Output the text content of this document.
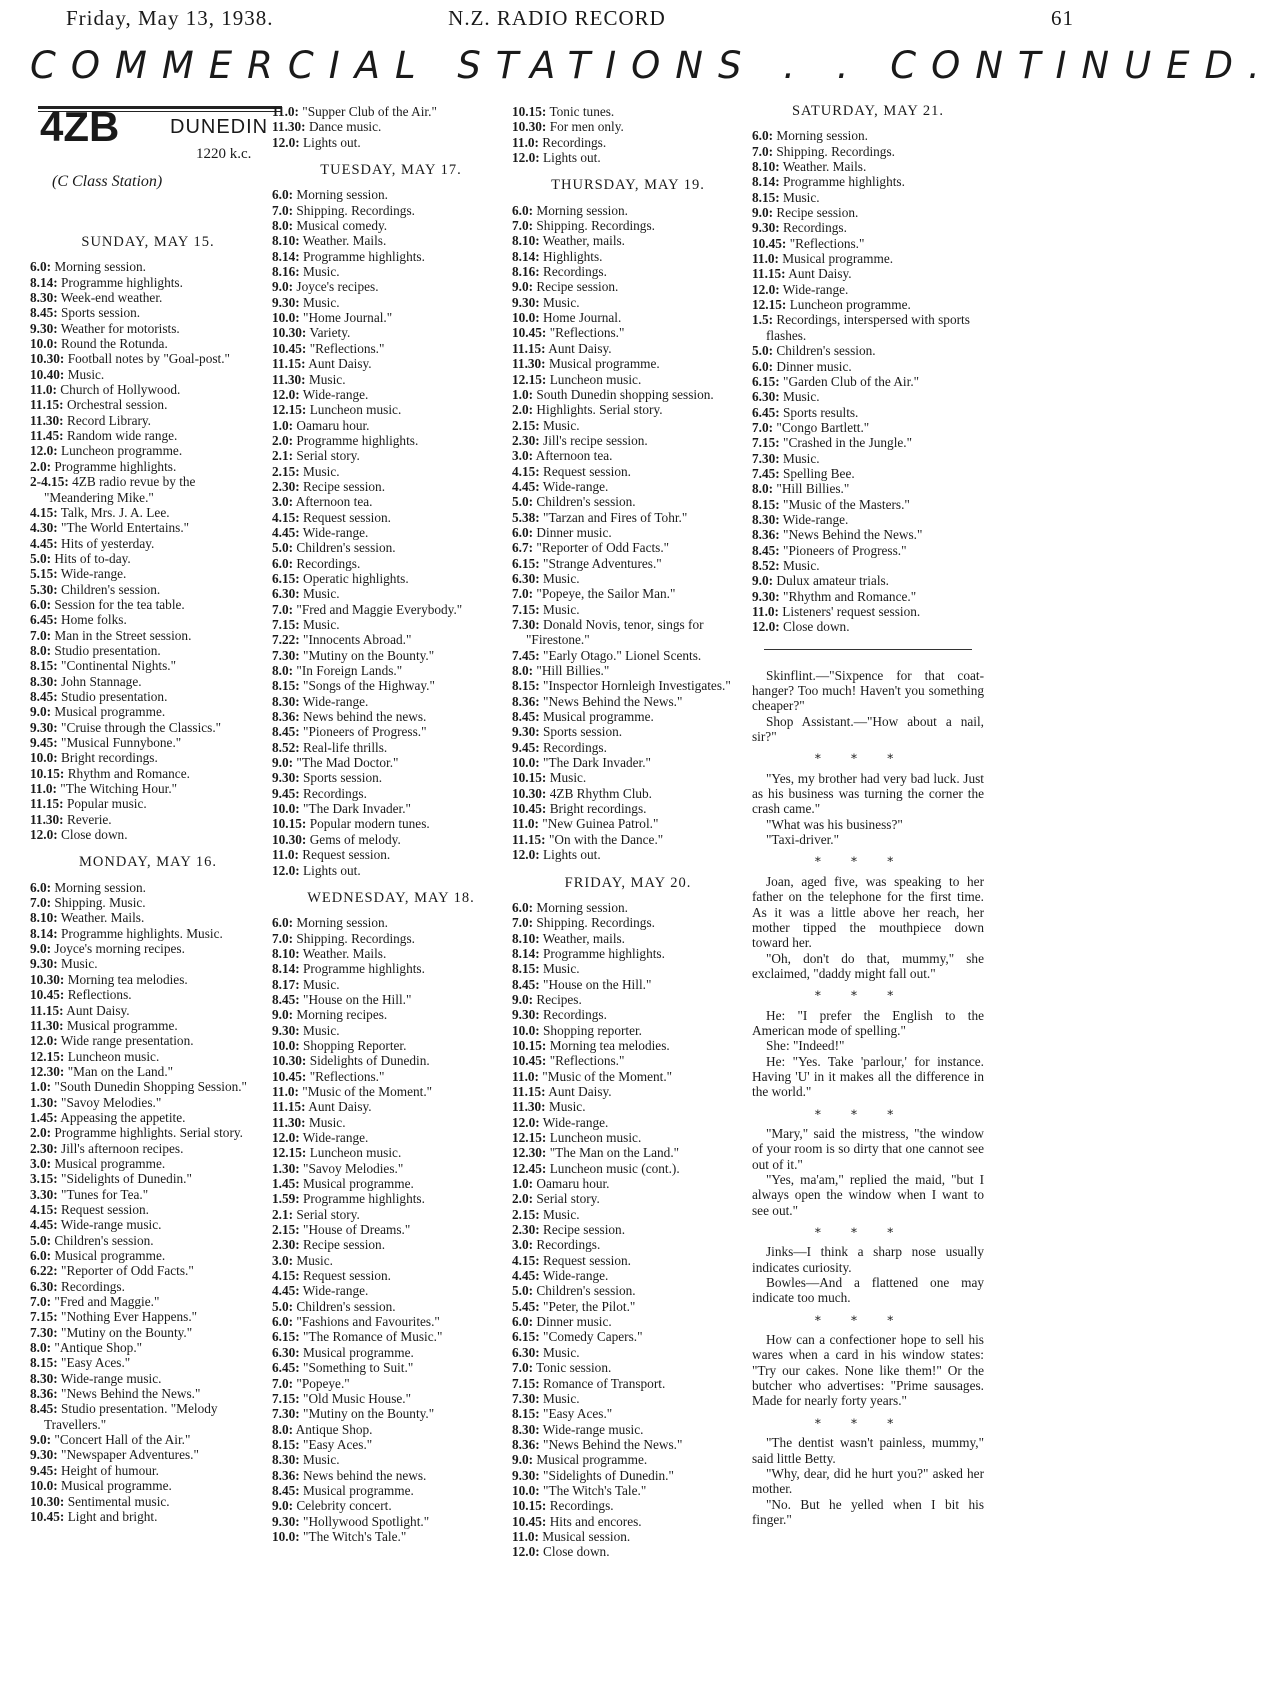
Friday, May 13, 1938.	N.Z. RADIO RECORD	61
COMMERCIAL STATIONS . . CONTINUED.
4ZB	DUNEDIN
1220 k.c.
(C Class Station)
SUNDAY, MAY 15.
6.0: Morning session.
8.14: Programme highlights.
8.30: Week-end weather.
8.45: Sports session.
9.30: Weather for motorists.
10.0: Round the Rotunda.
10.30: Football notes by "Goal-post."
10.40: Music.
11.0: Church of Hollywood.
11.15: Orchestral session.
11.30: Record Library.
11.45: Random wide range.
12.0: Luncheon programme.
2.0: Programme highlights.
2-4.15: 4ZB radio revue by the "Meandering Mike."
4.15: Talk, Mrs. J. A. Lee.
4.30: "The World Entertains."
4.45: Hits of yesterday.
5.0: Hits of to-day.
5.15: Wide-range.
5.30: Children's session.
6.0: Session for the tea table.
6.45: Home folks.
7.0: Man in the Street session.
8.0: Studio presentation.
8.15: "Continental Nights."
8.30: John Stannage.
8.45: Studio presentation.
9.0: Musical programme.
9.30: "Cruise through the Classics."
9.45: "Musical Funnybone."
10.0: Bright recordings.
10.15: Rhythm and Romance.
11.0: "The Witching Hour."
11.15: Popular music.
11.30: Reverie.
12.0: Close down.
MONDAY, MAY 16.
6.0: Morning session.
7.0: Shipping. Music.
8.10: Weather. Mails.
8.14: Programme highlights. Music.
9.0: Joyce's morning recipes.
9.30: Music.
10.30: Morning tea melodies.
10.45: Reflections.
11.15: Aunt Daisy.
11.30: Musical programme.
12.0: Wide range presentation.
12.15: Luncheon music.
12.30: "Man on the Land."
1.0: "South Dunedin Shopping Session."
1.30: "Savoy Melodies."
1.45: Appeasing the appetite.
2.0: Programme highlights. Serial story.
2.30: Jill's afternoon recipes.
3.0: Musical programme.
3.15: "Sidelights of Dunedin."
3.30: "Tunes for Tea."
4.15: Request session.
4.45: Wide-range music.
5.0: Children's session.
6.0: Musical programme.
6.22: "Reporter of Odd Facts."
6.30: Recordings.
7.0: "Fred and Maggie."
7.15: "Nothing Ever Happens."
7.30: "Mutiny on the Bounty."
8.0: "Antique Shop."
8.15: "Easy Aces."
8.30: Wide-range music.
8.36: "News Behind the News."
8.45: Studio presentation. "Melody Travellers."
9.0: "Concert Hall of the Air."
9.30: "Newspaper Adventures."
9.45: Height of humour.
10.0: Musical programme.
10.30: Sentimental music.
10.45: Light and bright.
11.0: "Supper Club of the Air."
11.30: Dance music.
12.0: Lights out.
TUESDAY, MAY 17.
6.0: Morning session.
7.0: Shipping. Recordings.
8.0: Musical comedy.
8.10: Weather. Mails.
8.14: Programme highlights.
8.16: Music.
9.0: Joyce's recipes.
9.30: Music.
10.0: "Home Journal."
10.30: Variety.
10.45: "Reflections."
11.15: Aunt Daisy.
11.30: Music.
12.0: Wide-range.
12.15: Luncheon music.
1.0: Oamaru hour.
2.0: Programme highlights.
2.1: Serial story.
2.15: Music.
2.30: Recipe session.
3.0: Afternoon tea.
4.15: Request session.
4.45: Wide-range.
5.0: Children's session.
6.0: Recordings.
6.15: Operatic highlights.
6.30: Music.
7.0: "Fred and Maggie Everybody."
7.15: Music.
7.22: "Innocents Abroad."
7.30: "Mutiny on the Bounty."
8.0: "In Foreign Lands."
8.15: "Songs of the Highway."
8.30: Wide-range.
8.36: News behind the news.
8.45: "Pioneers of Progress."
8.52: Real-life thrills.
9.0: "The Mad Doctor."
9.30: Sports session.
9.45: Recordings.
10.0: "The Dark Invader."
10.15: Popular modern tunes.
10.30: Gems of melody.
11.0: Request session.
12.0: Lights out.
WEDNESDAY, MAY 18.
6.0: Morning session.
7.0: Shipping. Recordings.
8.10: Weather. Mails.
8.14: Programme highlights.
8.17: Music.
8.45: "House on the Hill."
9.0: Morning recipes.
9.30: Music.
10.0: Shopping Reporter.
10.30: Sidelights of Dunedin.
10.45: "Reflections."
11.0: "Music of the Moment."
11.15: Aunt Daisy.
11.30: Music.
12.0: Wide-range.
12.15: Luncheon music.
1.30: "Savoy Melodies."
1.45: Musical programme.
1.59: Programme highlights.
2.1: Serial story.
2.15: "House of Dreams."
2.30: Recipe session.
3.0: Music.
4.15: Request session.
4.45: Wide-range.
5.0: Children's session.
6.0: "Fashions and Favourites."
6.15: "The Romance of Music."
6.30: Musical programme.
6.45: "Something to Suit."
7.0: "Popeye."
7.15: "Old Music House."
7.30: "Mutiny on the Bounty."
8.0: Antique Shop.
8.15: "Easy Aces."
8.30: Music.
8.36: News behind the news.
8.45: Musical programme.
9.0: Celebrity concert.
9.30: "Hollywood Spotlight."
10.0: "The Witch's Tale."
10.15: Tonic tunes.
10.30: For men only.
11.0: Recordings.
12.0: Lights out.
THURSDAY, MAY 19.
6.0: Morning session.
7.0: Shipping. Recordings.
8.10: Weather, mails.
8.14: Highlights.
8.16: Recordings.
9.0: Recipe session.
9.30: Music.
10.0: Home Journal.
10.45: "Reflections."
11.15: Aunt Daisy.
11.30: Musical programme.
12.15: Luncheon music.
1.0: South Dunedin shopping session.
2.0: Highlights. Serial story.
2.15: Music.
2.30: Jill's recipe session.
3.0: Afternoon tea.
4.15: Request session.
4.45: Wide-range.
5.0: Children's session.
5.38: "Tarzan and Fires of Tohr."
6.0: Dinner music.
6.7: "Reporter of Odd Facts."
6.15: "Strange Adventures."
6.30: Music.
7.0: "Popeye, the Sailor Man."
7.15: Music.
7.30: Donald Novis, tenor, sings for "Firestone."
7.45: "Early Otago." Lionel Scents.
8.0: "Hill Billies."
8.15: "Inspector Hornleigh Investigates."
8.36: "News Behind the News."
8.45: Musical programme.
9.30: Sports session.
9.45: Recordings.
10.0: "The Dark Invader."
10.15: Music.
10.30: 4ZB Rhythm Club.
10.45: Bright recordings.
11.0: "New Guinea Patrol."
11.15: "On with the Dance."
12.0: Lights out.
FRIDAY, MAY 20.
6.0: Morning session.
7.0: Shipping. Recordings.
8.10: Weather, mails.
8.14: Programme highlights.
8.15: Music.
8.45: "House on the Hill."
9.0: Recipes.
9.30: Recordings.
10.0: Shopping reporter.
10.15: Morning tea melodies.
10.45: "Reflections."
11.0: "Music of the Moment."
11.15: Aunt Daisy.
11.30: Music.
12.0: Wide-range.
12.15: Luncheon music.
12.30: "The Man on the Land."
12.45: Luncheon music (cont.).
1.0: Oamaru hour.
2.0: Serial story.
2.15: Music.
2.30: Recipe session.
3.0: Recordings.
4.15: Request session.
4.45: Wide-range.
5.0: Children's session.
5.45: "Peter, the Pilot."
6.0: Dinner music.
6.15: "Comedy Capers."
6.30: Music.
7.0: Tonic session.
7.15: Romance of Transport.
7.30: Music.
8.15: "Easy Aces."
8.30: Wide-range music.
8.36: "News Behind the News."
9.0: Musical programme.
9.30: "Sidelights of Dunedin."
10.0: "The Witch's Tale."
10.15: Recordings.
10.45: Hits and encores.
11.0: Musical session.
12.0: Close down.
SATURDAY, MAY 21.
6.0: Morning session.
7.0: Shipping. Recordings.
8.10: Weather. Mails.
8.14: Programme highlights.
8.15: Music.
9.0: Recipe session.
9.30: Recordings.
10.45: "Reflections."
11.0: Musical programme.
11.15: Aunt Daisy.
12.0: Wide-range.
12.15: Luncheon programme.
1.5: Recordings, interspersed with sports flashes.
5.0: Children's session.
6.0: Dinner music.
6.15: "Garden Club of the Air."
6.30: Music.
6.45: Sports results.
7.0: "Congo Bartlett."
7.15: "Crashed in the Jungle."
7.30: Music.
7.45: Spelling Bee.
8.0: "Hill Billies."
8.15: "Music of the Masters."
8.30: Wide-range.
8.36: "News Behind the News."
8.45: "Pioneers of Progress."
8.52: Music.
9.0: Dulux amateur trials.
9.30: "Rhythm and Romance."
11.0: Listeners' request session.
12.0: Close down.

Skinflint.—"Sixpence for that coat-hanger? Too much! Haven't you something cheaper?"

Shop Assistant.—"How about a nail, sir?"

∗∗∗

"Yes, my brother had very bad luck. Just as his business was turning the corner the crash came."

"What was his business?"

"Taxi-driver."

∗∗∗

Joan, aged five, was speaking to her father on the telephone for the first time. As it was a little above her reach, her mother tipped the mouthpiece down toward her.

"Oh, don't do that, mummy," she exclaimed, "daddy might fall out."

∗∗∗

He: "I prefer the English to the American mode of spelling."

She: "Indeed!"

He: "Yes. Take 'parlour,' for instance. Having 'U' in it makes all the difference in the world."

∗∗∗

"Mary," said the mistress, "the window of your room is so dirty that one cannot see out of it."

"Yes, ma'am," replied the maid, "but I always open the window when I want to see out."

∗∗∗

Jinks—I think a sharp nose usually indicates curiosity.

Bowles—And a flattened one may indicate too much.

∗∗∗

How can a confectioner hope to sell his wares when a card in his window states: "Try our cakes. None like them!" Or the butcher who advertises: "Prime sausages. Made for nearly forty years."

∗∗∗

"The dentist wasn't painless, mummy," said little Betty.

"Why, dear, did he hurt you?" asked her mother.

"No. But he yelled when I bit his finger."
